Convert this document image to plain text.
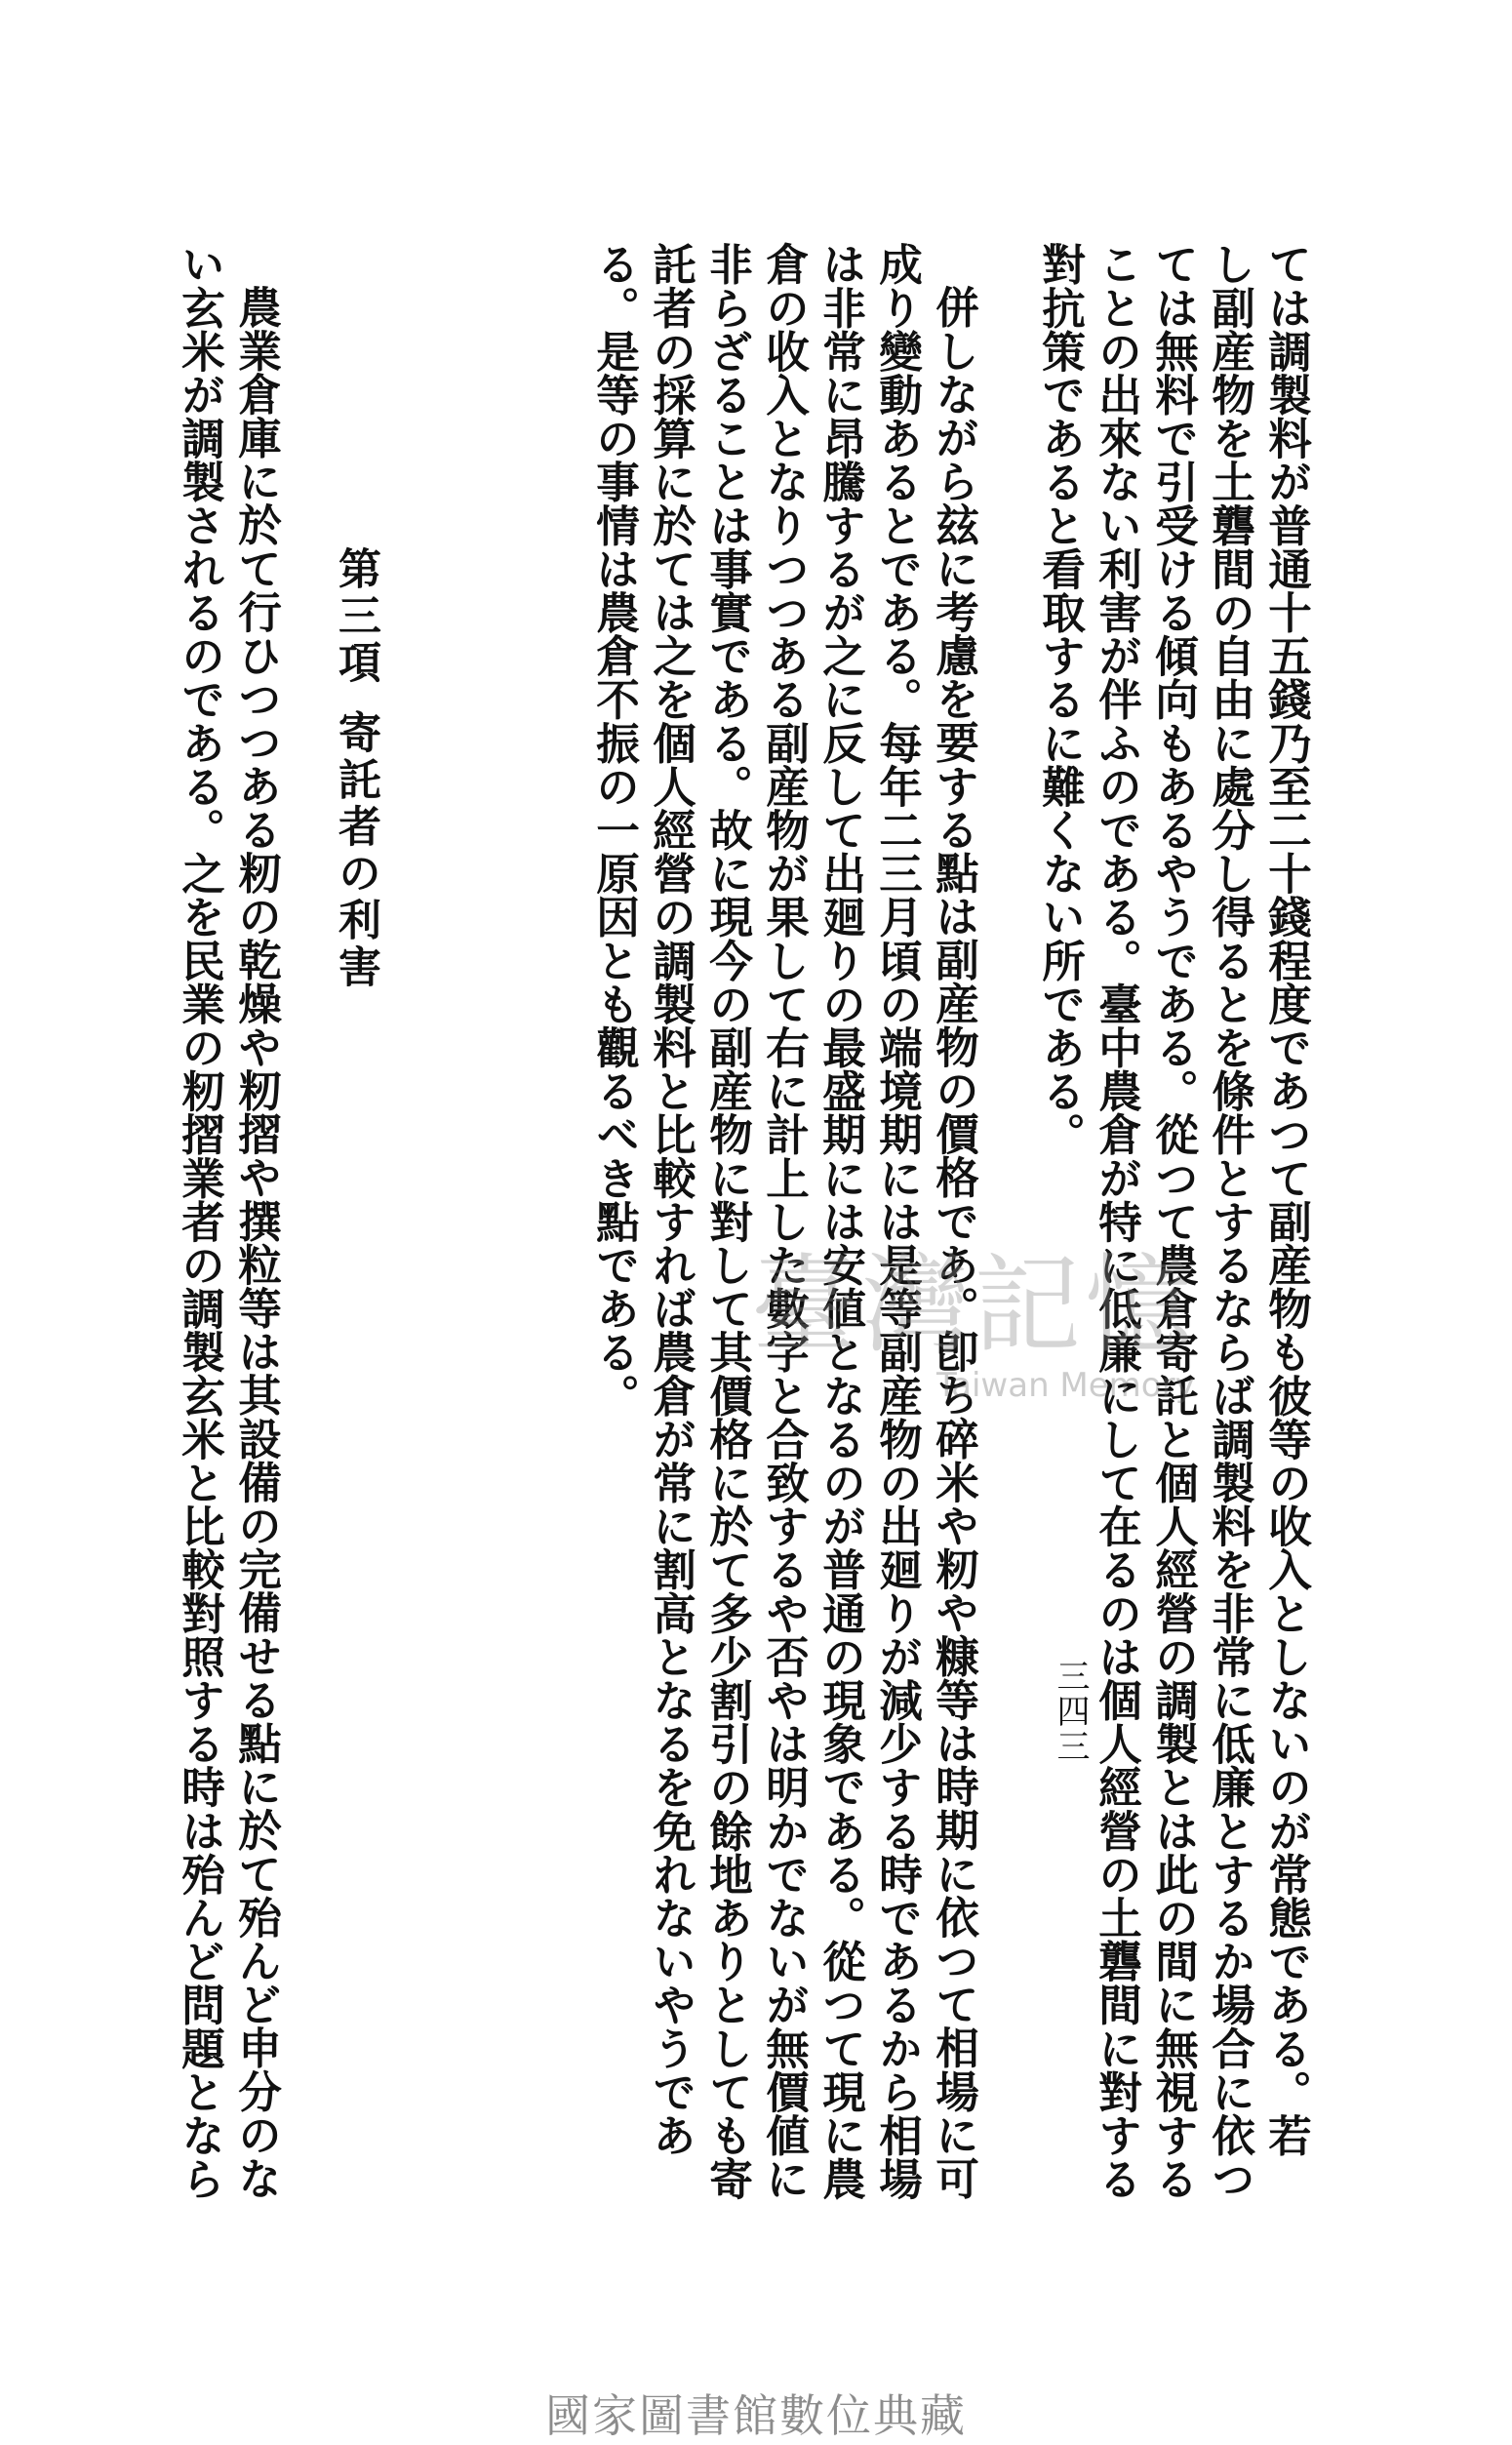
ては調製料が普通十五錢乃至二十錢程度であつて副産物も彼等の收入としないのが常態である。若
し副産物を土礱間の自由に處分し得るとを條件とするならば調製料を非常に低廉とするか場合に依つ
ては無料で引受ける傾向もあるやうである。從つて農倉寄託と個人經營の調製とは此の間に無視する
ことの出來ない利害が伴ふのである。臺中農倉が特に低廉にして在るのは個人經營の土礱間に對する
對抗策であると看取するに難くない所である。
併しながら玆に考慮を要する點は副産物の價格であ。卽ち碎米や籾や糠等は時期に依つて相場に可
成り變動あるとである。每年二三月頃の端境期には是等副産物の出廻りが減少する時であるから相場
は非常に昂騰するが之に反して出廻りの最盛期には安値となるのが普通の現象である。從つて現に農
倉の收入となりつつある副産物が果して右に計上した數字と合致するや否やは明かでないが無價値に
非らざることは事實である。故に現今の副産物に對して其價格に於て多少割引の餘地ありとしても寄
託者の採算に於ては之を個人經營の調製料と比較すれば農倉が常に割高となるを免れないやうであ
る。是等の事情は農倉不振の一原因とも觀るべき點である。
第三項寄託者の利害
農業倉庫に於て行ひつつある籾の乾燥や籾摺や撰粒等は其設備の完備せる點に於て殆んど申分のな
い玄米が調製されるのである。之を民業の籾摺業者の調製玄米と比較對照する時は殆んど問題となら	三四三
臺灣記憶
Taiwan Memory
國家圖書館數位典藏
